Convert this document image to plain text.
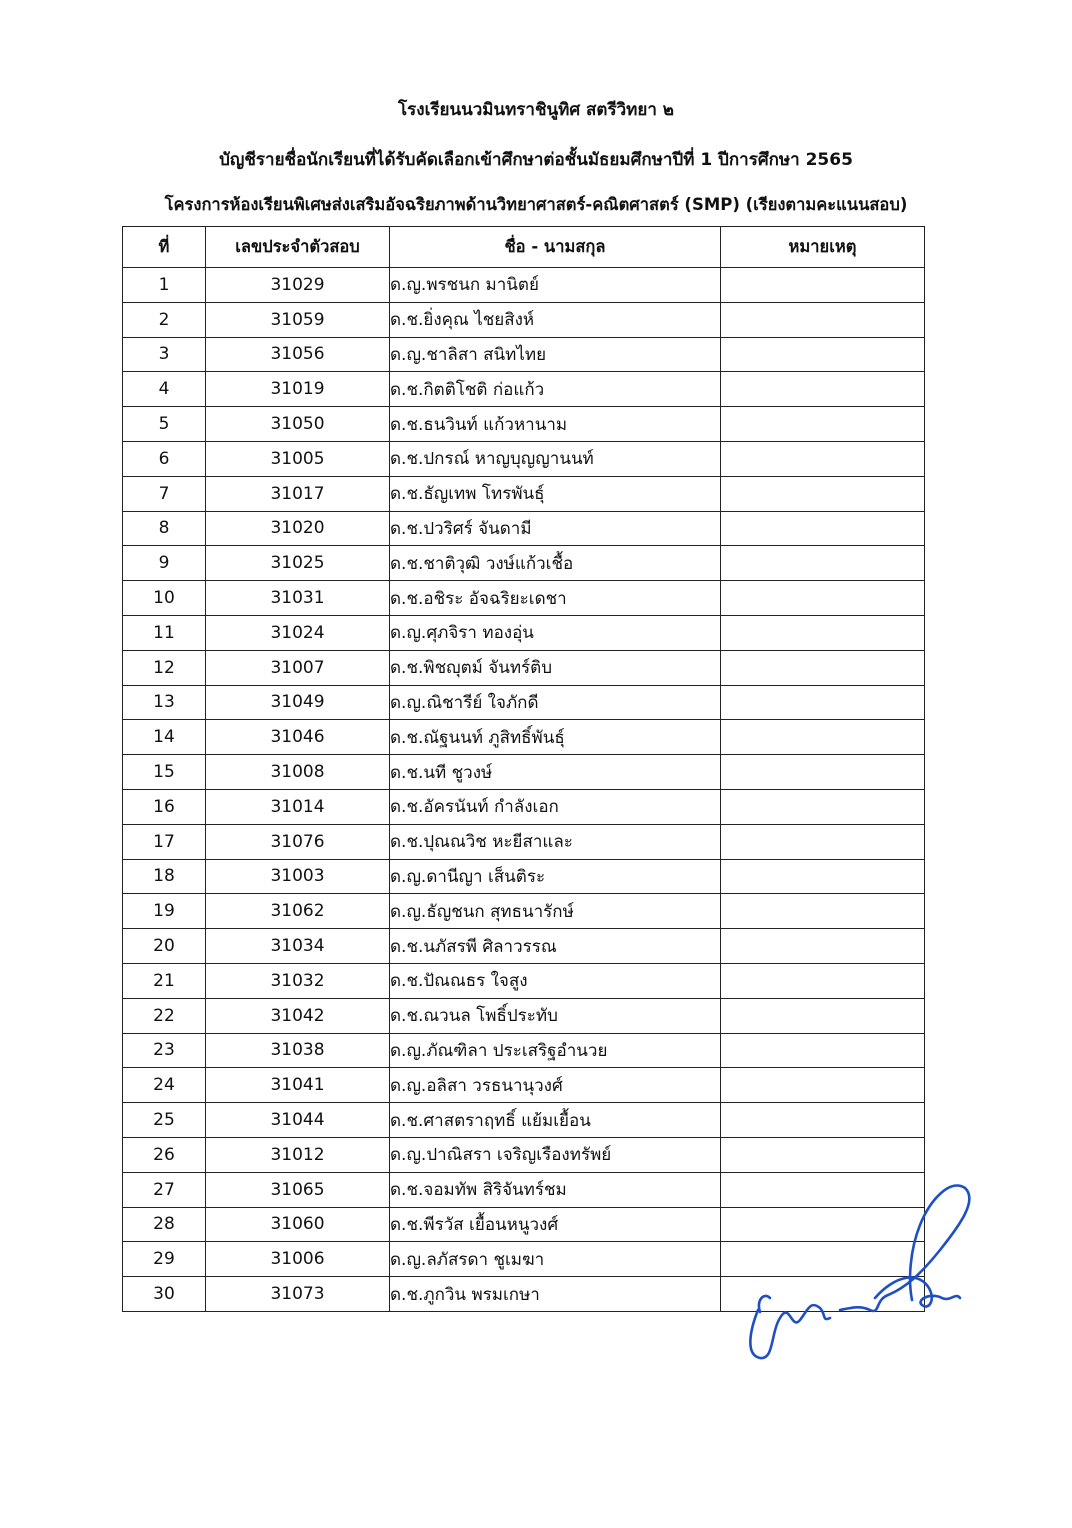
โรงเรียนนวมินทราชินูทิศ สตรีวิทยา ๒
บัญชีรายชื่อนักเรียนที่ได้รับคัดเลือกเข้าศึกษาต่อชั้นมัธยมศึกษาปีที่ 1 ปีการศึกษา 2565
โครงการห้องเรียนพิเศษส่งเสริมอัจฉริยภาพด้านวิทยาศาสตร์-คณิตศาสตร์ (SMP) (เรียงตามคะแนนสอบ)
ที่	เลขประจำตัวสอบ	ชื่อ - นามสกุล	หมายเหตุ
1	31029	ด.ญ.พรชนก มานิตย์	
2	31059	ด.ช.ยิ่งคุณ ไชยสิงห์	
3	31056	ด.ญ.ชาลิสา สนิทไทย	
4	31019	ด.ช.กิตติโชติ ก่อแก้ว	
5	31050	ด.ช.ธนวินท์ แก้วหานาม	
6	31005	ด.ช.ปกรณ์ หาญบุญญานนท์	
7	31017	ด.ช.ธัญเทพ โทรพันธุ์	
8	31020	ด.ช.ปวริศร์ จันดามี	
9	31025	ด.ช.ชาติวุฒิ วงษ์แก้วเชื้อ	
10	31031	ด.ช.อชิระ อัจฉริยะเดชา	
11	31024	ด.ญ.ศุภจิรา ทองอุ่น	
12	31007	ด.ช.พิชญุตม์ จันทร์ติบ	
13	31049	ด.ญ.ณิชารีย์ ใจภักดี	
14	31046	ด.ช.ณัฐนนท์ ภูสิทธิ์พันธุ์	
15	31008	ด.ช.นที ชูวงษ์	
16	31014	ด.ช.อัครนันท์ กำลังเอก	
17	31076	ด.ช.ปุณณวิช หะยีสาและ	
18	31003	ด.ญ.ดานีญา เส็นติระ	
19	31062	ด.ญ.ธัญชนก สุทธนารักษ์	
20	31034	ด.ช.นภัสรพี ศิลาวรรณ	
21	31032	ด.ช.ปัณณธร ใจสูง	
22	31042	ด.ช.ณวนล โพธิ์ประทับ	
23	31038	ด.ญ.ภัณฑิลา ประเสริฐอำนวย	
24	31041	ด.ญ.อลิสา วรธนานุวงศ์	
25	31044	ด.ช.ศาสตราฤทธิ์ แย้มเยื้อน	
26	31012	ด.ญ.ปาณิสรา เจริญเรืองทรัพย์	
27	31065	ด.ช.จอมทัพ สิริจันทร์ชม	
28	31060	ด.ช.พีรวัส เยื้อนหนูวงศ์	
29	31006	ด.ญ.ลภัสรดา ชูเมฆา	
30	31073	ด.ช.ภูกวิน พรมเกษา	
